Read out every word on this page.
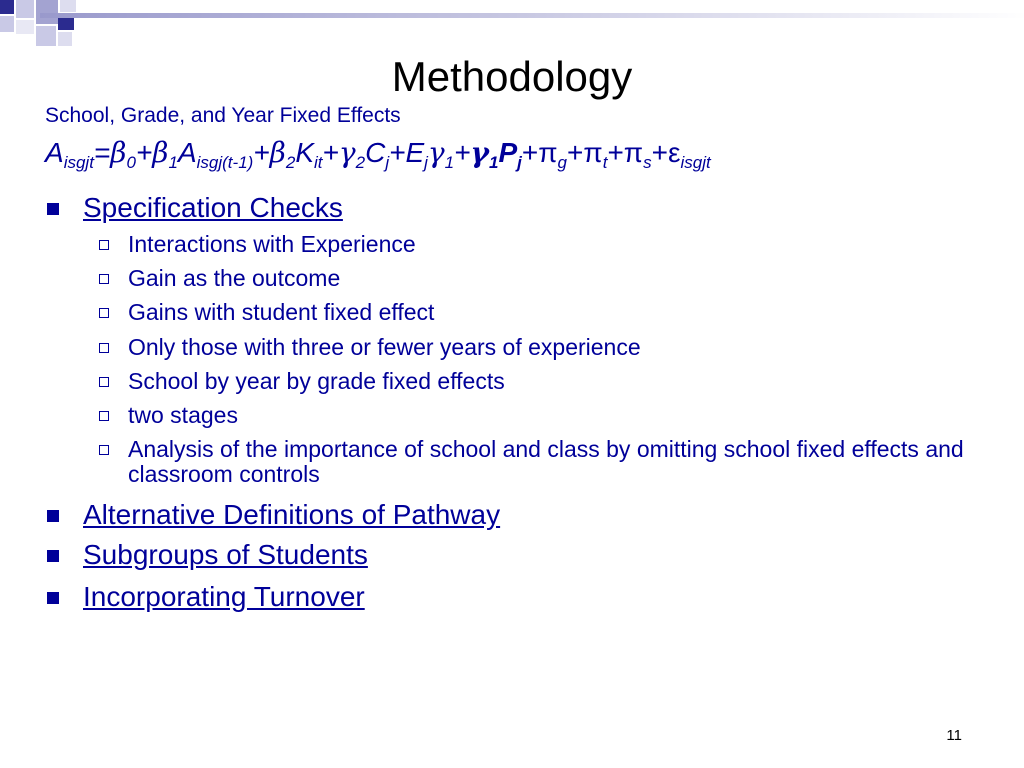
Methodology
School, Grade, and Year Fixed Effects
$A_{isgjt}=\beta_0+\beta_1A_{isgj(t-1)}+\beta_2K_{it}+\gamma_2C_j+E_j\gamma_1+\gamma_1P_j+\pi_g+\pi_t+\pi_s+\varepsilon_{isgjt}$
Specification Checks
Interactions with Experience
Gain as the outcome
Gains with student fixed effect
Only those with three or fewer years of experience
School by year by grade fixed effects
two stages
Analysis of the importance of school and class by omitting school fixed effects and classroom controls
Alternative Definitions of Pathway
Subgroups of Students
Incorporating Turnover
11
